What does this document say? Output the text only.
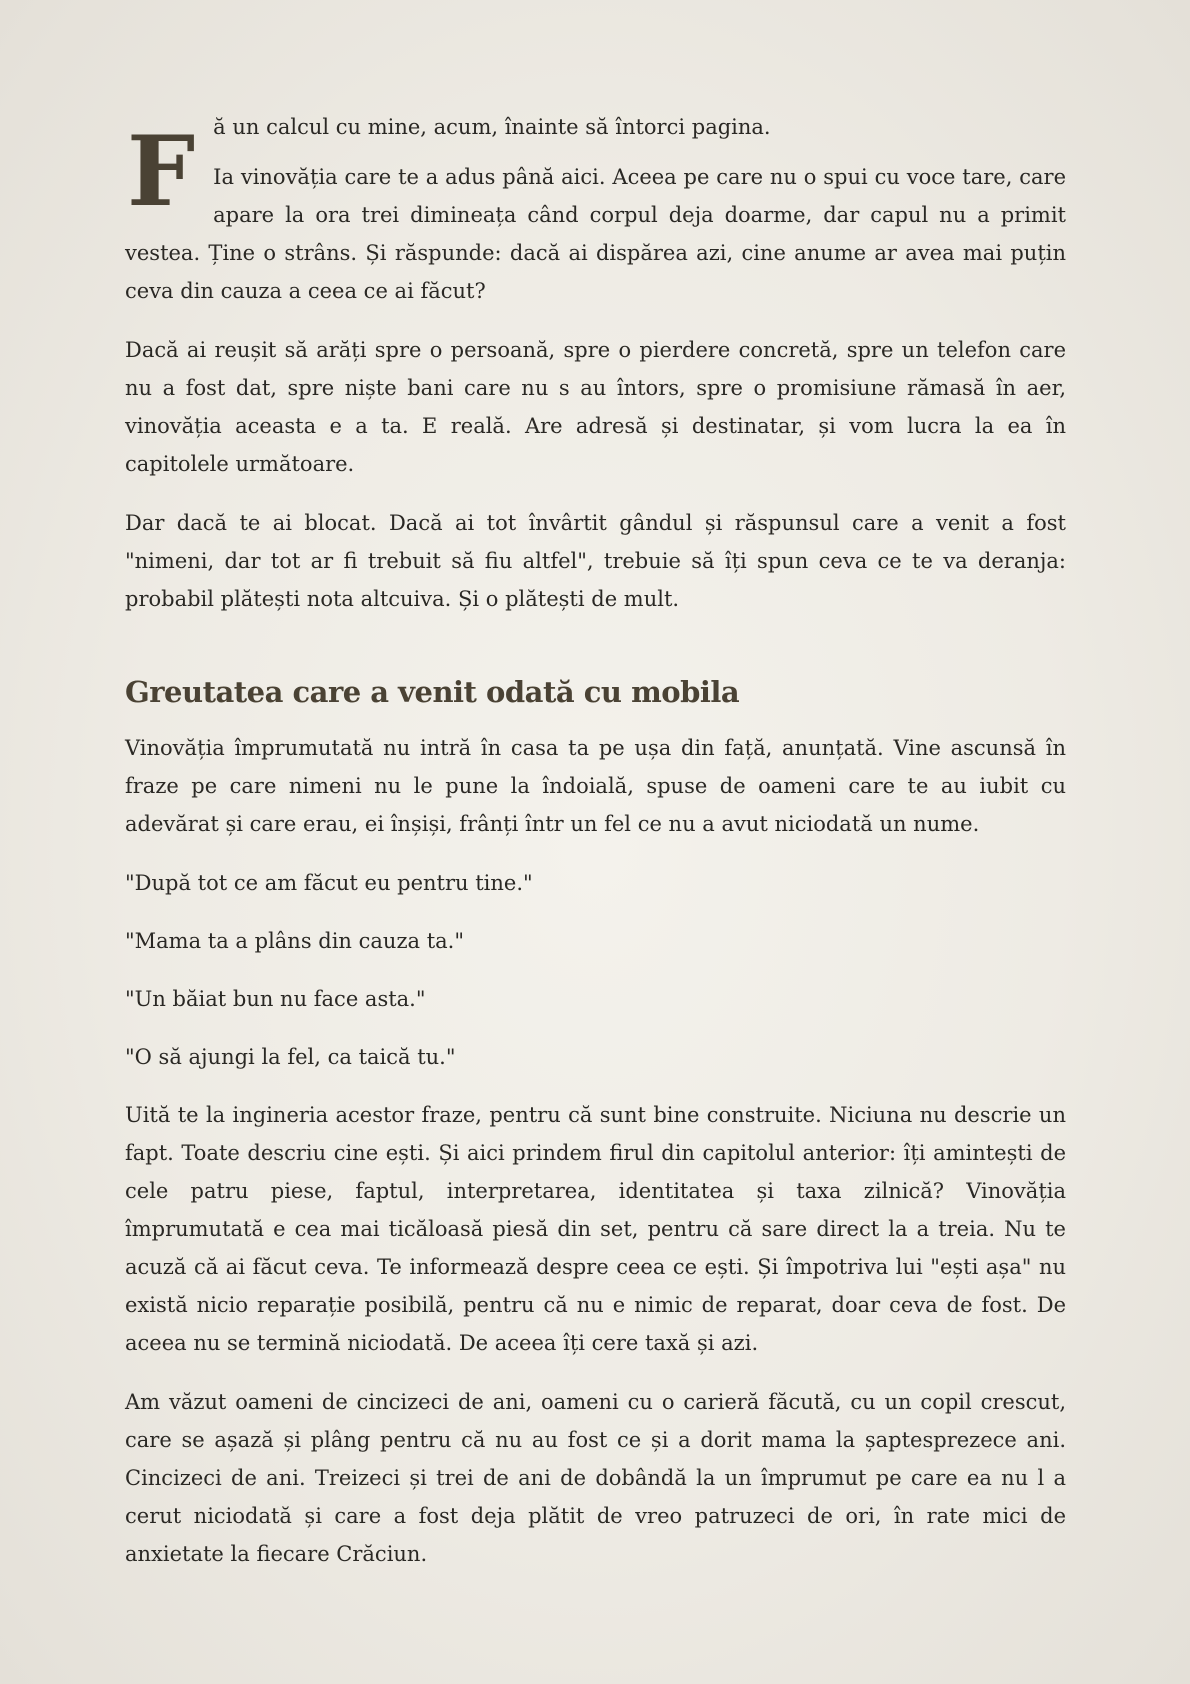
Fă un calcul cu mine, acum, înainte să întorci pagina.

Ia vinovăția care te a adus până aici. Aceea pe care nu o spui cu voce tare, care apare la ora trei dimineața când corpul deja doarme, dar capul nu a primit vestea. Ține o strâns. Și răspunde: dacă ai dispărea azi, cine anume ar avea mai puțin ceva din cauza a ceea ce ai făcut?

Dacă ai reușit să arăți spre o persoană, spre o pierdere concretă, spre un telefon care nu a fost dat, spre niște bani care nu s au întors, spre o promisiune rămasă în aer, vinovăția aceasta e a ta. E reală. Are adresă și destinatar, și vom lucra la ea în capitolele următoare.

Dar dacă te ai blocat. Dacă ai tot învârtit gândul și răspunsul care a venit a fost "nimeni, dar tot ar fi trebuit să fiu altfel", trebuie să îți spun ceva ce te va deranja: probabil plătești nota altcuiva. Și o plătești de mult.

Greutatea care a venit odată cu mobila

Vinovăția împrumutată nu intră în casa ta pe ușa din față, anunțată. Vine ascunsă în fraze pe care nimeni nu le pune la îndoială, spuse de oameni care te au iubit cu adevărat și care erau, ei înșiși, frânți într un fel ce nu a avut niciodată un nume.

"După tot ce am făcut eu pentru tine."

"Mama ta a plâns din cauza ta."

"Un băiat bun nu face asta."

"O să ajungi la fel, ca taică tu."

Uită te la ingineria acestor fraze, pentru că sunt bine construite. Niciuna nu descrie un fapt. Toate descriu cine ești. Și aici prindem firul din capitolul anterior: îți amintești de cele patru piese, faptul, interpretarea, identitatea și taxa zilnică? Vinovăția împrumutată e cea mai ticăloasă piesă din set, pentru că sare direct la a treia. Nu te acuză că ai făcut ceva. Te informează despre ceea ce ești. Și împotriva lui "ești așa" nu există nicio reparație posibilă, pentru că nu e nimic de reparat, doar ceva de fost. De aceea nu se termină niciodată. De aceea îți cere taxă și azi.

Am văzut oameni de cincizeci de ani, oameni cu o carieră făcută, cu un copil crescut, care se așază și plâng pentru că nu au fost ce și a dorit mama la șaptesprezece ani. Cincizeci de ani. Treizeci și trei de ani de dobândă la un împrumut pe care ea nu l a cerut niciodată și care a fost deja plătit de vreo patruzeci de ori, în rate mici de anxietate la fiecare Crăciun.
